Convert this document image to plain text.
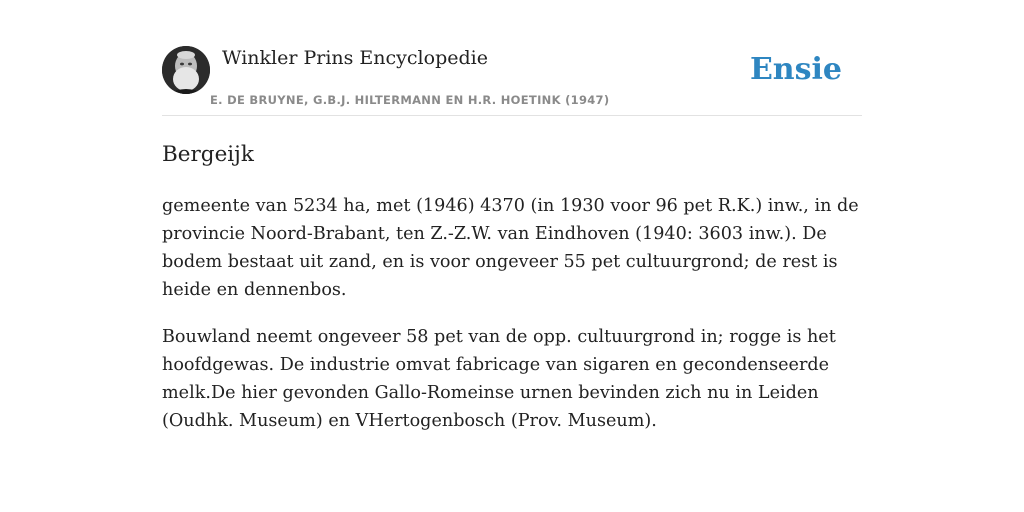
Winkler Prins Encyclopedie
E. DE BRUYNE, G.B.J. HILTERMANN EN H.R. HOETINK (1947)
Ensie
Bergeijk

gemeente van 5234 ha, met (1946) 4370 (in 1930 voor 96 pet R.K.) inw., in de provincie Noord-Brabant, ten Z.-Z.W. van Eindhoven (1940: 3603 inw.). De bodem bestaat uit zand, en is voor ongeveer 55 pet cultuurgrond; de rest is heide en dennenbos.

Bouwland neemt ongeveer 58 pet van de opp. cultuurgrond in; rogge is het hoofdgewas. De industrie omvat fabricage van sigaren en gecondenseerde melk.De hier gevonden Gallo-Romeinse urnen bevinden zich nu in Leiden (Oudhk. Museum) en VHertogenbosch (Prov. Museum).
